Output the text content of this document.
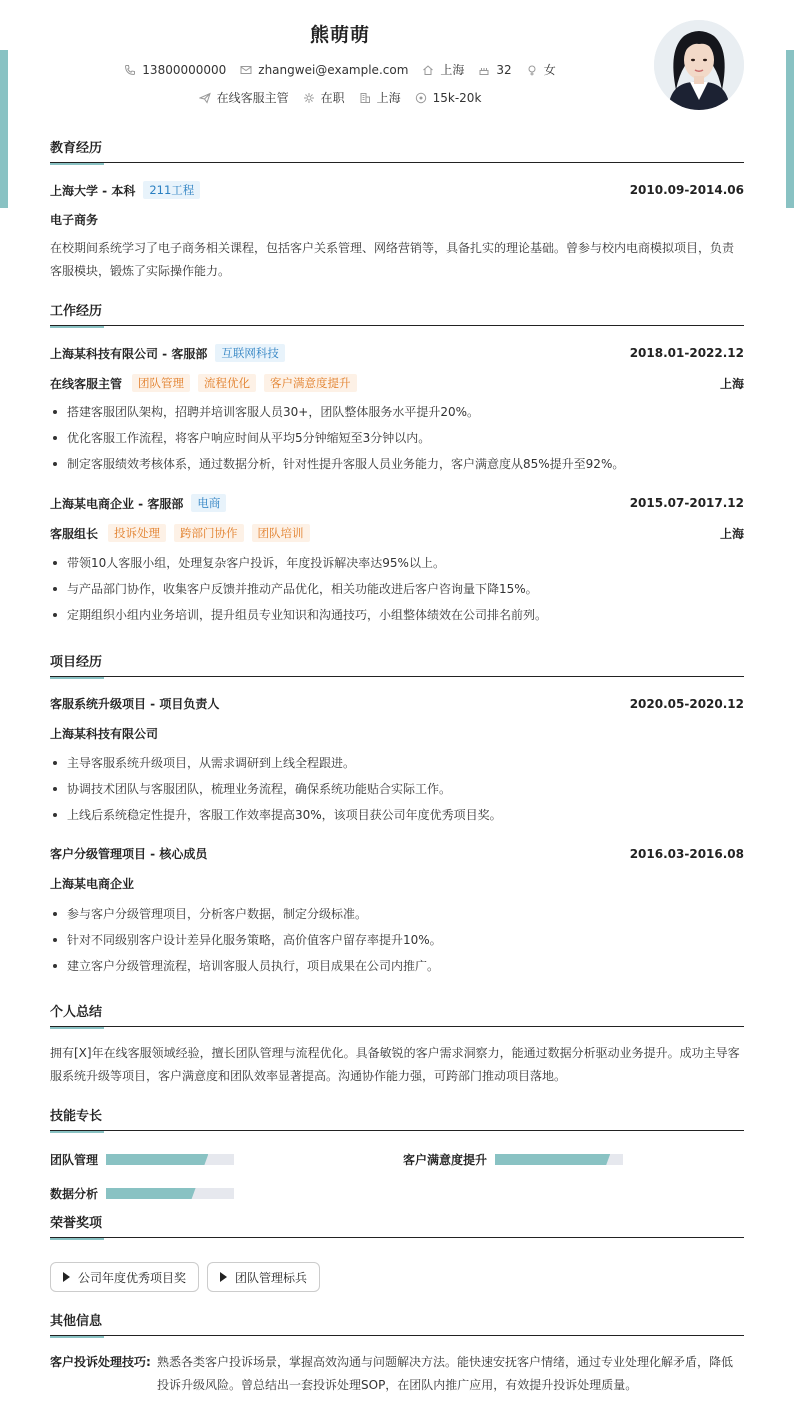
熊萌萌
13800000000	zhangwei@example.com	上海	32	女
在线客服主管	在职	上海	15k-20k
教育经历
上海大学 - 本科	211工程	2010.09-2014.06
电子商务
在校期间系统学习了电子商务相关课程，包括客户关系管理、网络营销等，具备扎实的理论基础。曾参与校内电商模拟项目，负责客服模块，锻炼了实际操作能力。
工作经历
上海某科技有限公司 - 客服部	互联网科技	2018.01-2022.12
在线客服主管	团队管理	流程优化	客户满意度提升	上海
搭建客服团队架构，招聘并培训客服人员30+，团队整体服务水平提升20%。
优化客服工作流程，将客户响应时间从平均5分钟缩短至3分钟以内。
制定客服绩效考核体系，通过数据分析，针对性提升客服人员业务能力，客户满意度从85%提升至92%。
上海某电商企业 - 客服部	电商	2015.07-2017.12
客服组长	投诉处理	跨部门协作	团队培训	上海
带领10人客服小组，处理复杂客户投诉，年度投诉解决率达95%以上。
与产品部门协作，收集客户反馈并推动产品优化，相关功能改进后客户咨询量下降15%。
定期组织小组内业务培训，提升组员专业知识和沟通技巧，小组整体绩效在公司排名前列。
项目经历
客服系统升级项目 - 项目负责人	2020.05-2020.12
上海某科技有限公司
主导客服系统升级项目，从需求调研到上线全程跟进。
协调技术团队与客服团队，梳理业务流程，确保系统功能贴合实际工作。
上线后系统稳定性提升，客服工作效率提高30%，该项目获公司年度优秀项目奖。
客户分级管理项目 - 核心成员	2016.03-2016.08
上海某电商企业
参与客户分级管理项目，分析客户数据，制定分级标准。
针对不同级别客户设计差异化服务策略，高价值客户留存率提升10%。
建立客户分级管理流程，培训客服人员执行，项目成果在公司内推广。
个人总结
拥有[X]年在线客服领域经验，擅长团队管理与流程优化。具备敏锐的客户需求洞察力，能通过数据分析驱动业务提升。成功主导客服系统升级等项目，客户满意度和团队效率显著提高。沟通协作能力强，可跨部门推动项目落地。
技能专长
团队管理	客户满意度提升
数据分析
荣誉奖项
公司年度优秀项目奖	团队管理标兵
其他信息
客户投诉处理技巧: 熟悉各类客户投诉场景，掌握高效沟通与问题解决方法。能快速安抚客户情绪，通过专业处理化解矛盾，降低投诉升级风险。曾总结出一套投诉处理SOP，在团队内推广应用，有效提升投诉处理质量。
